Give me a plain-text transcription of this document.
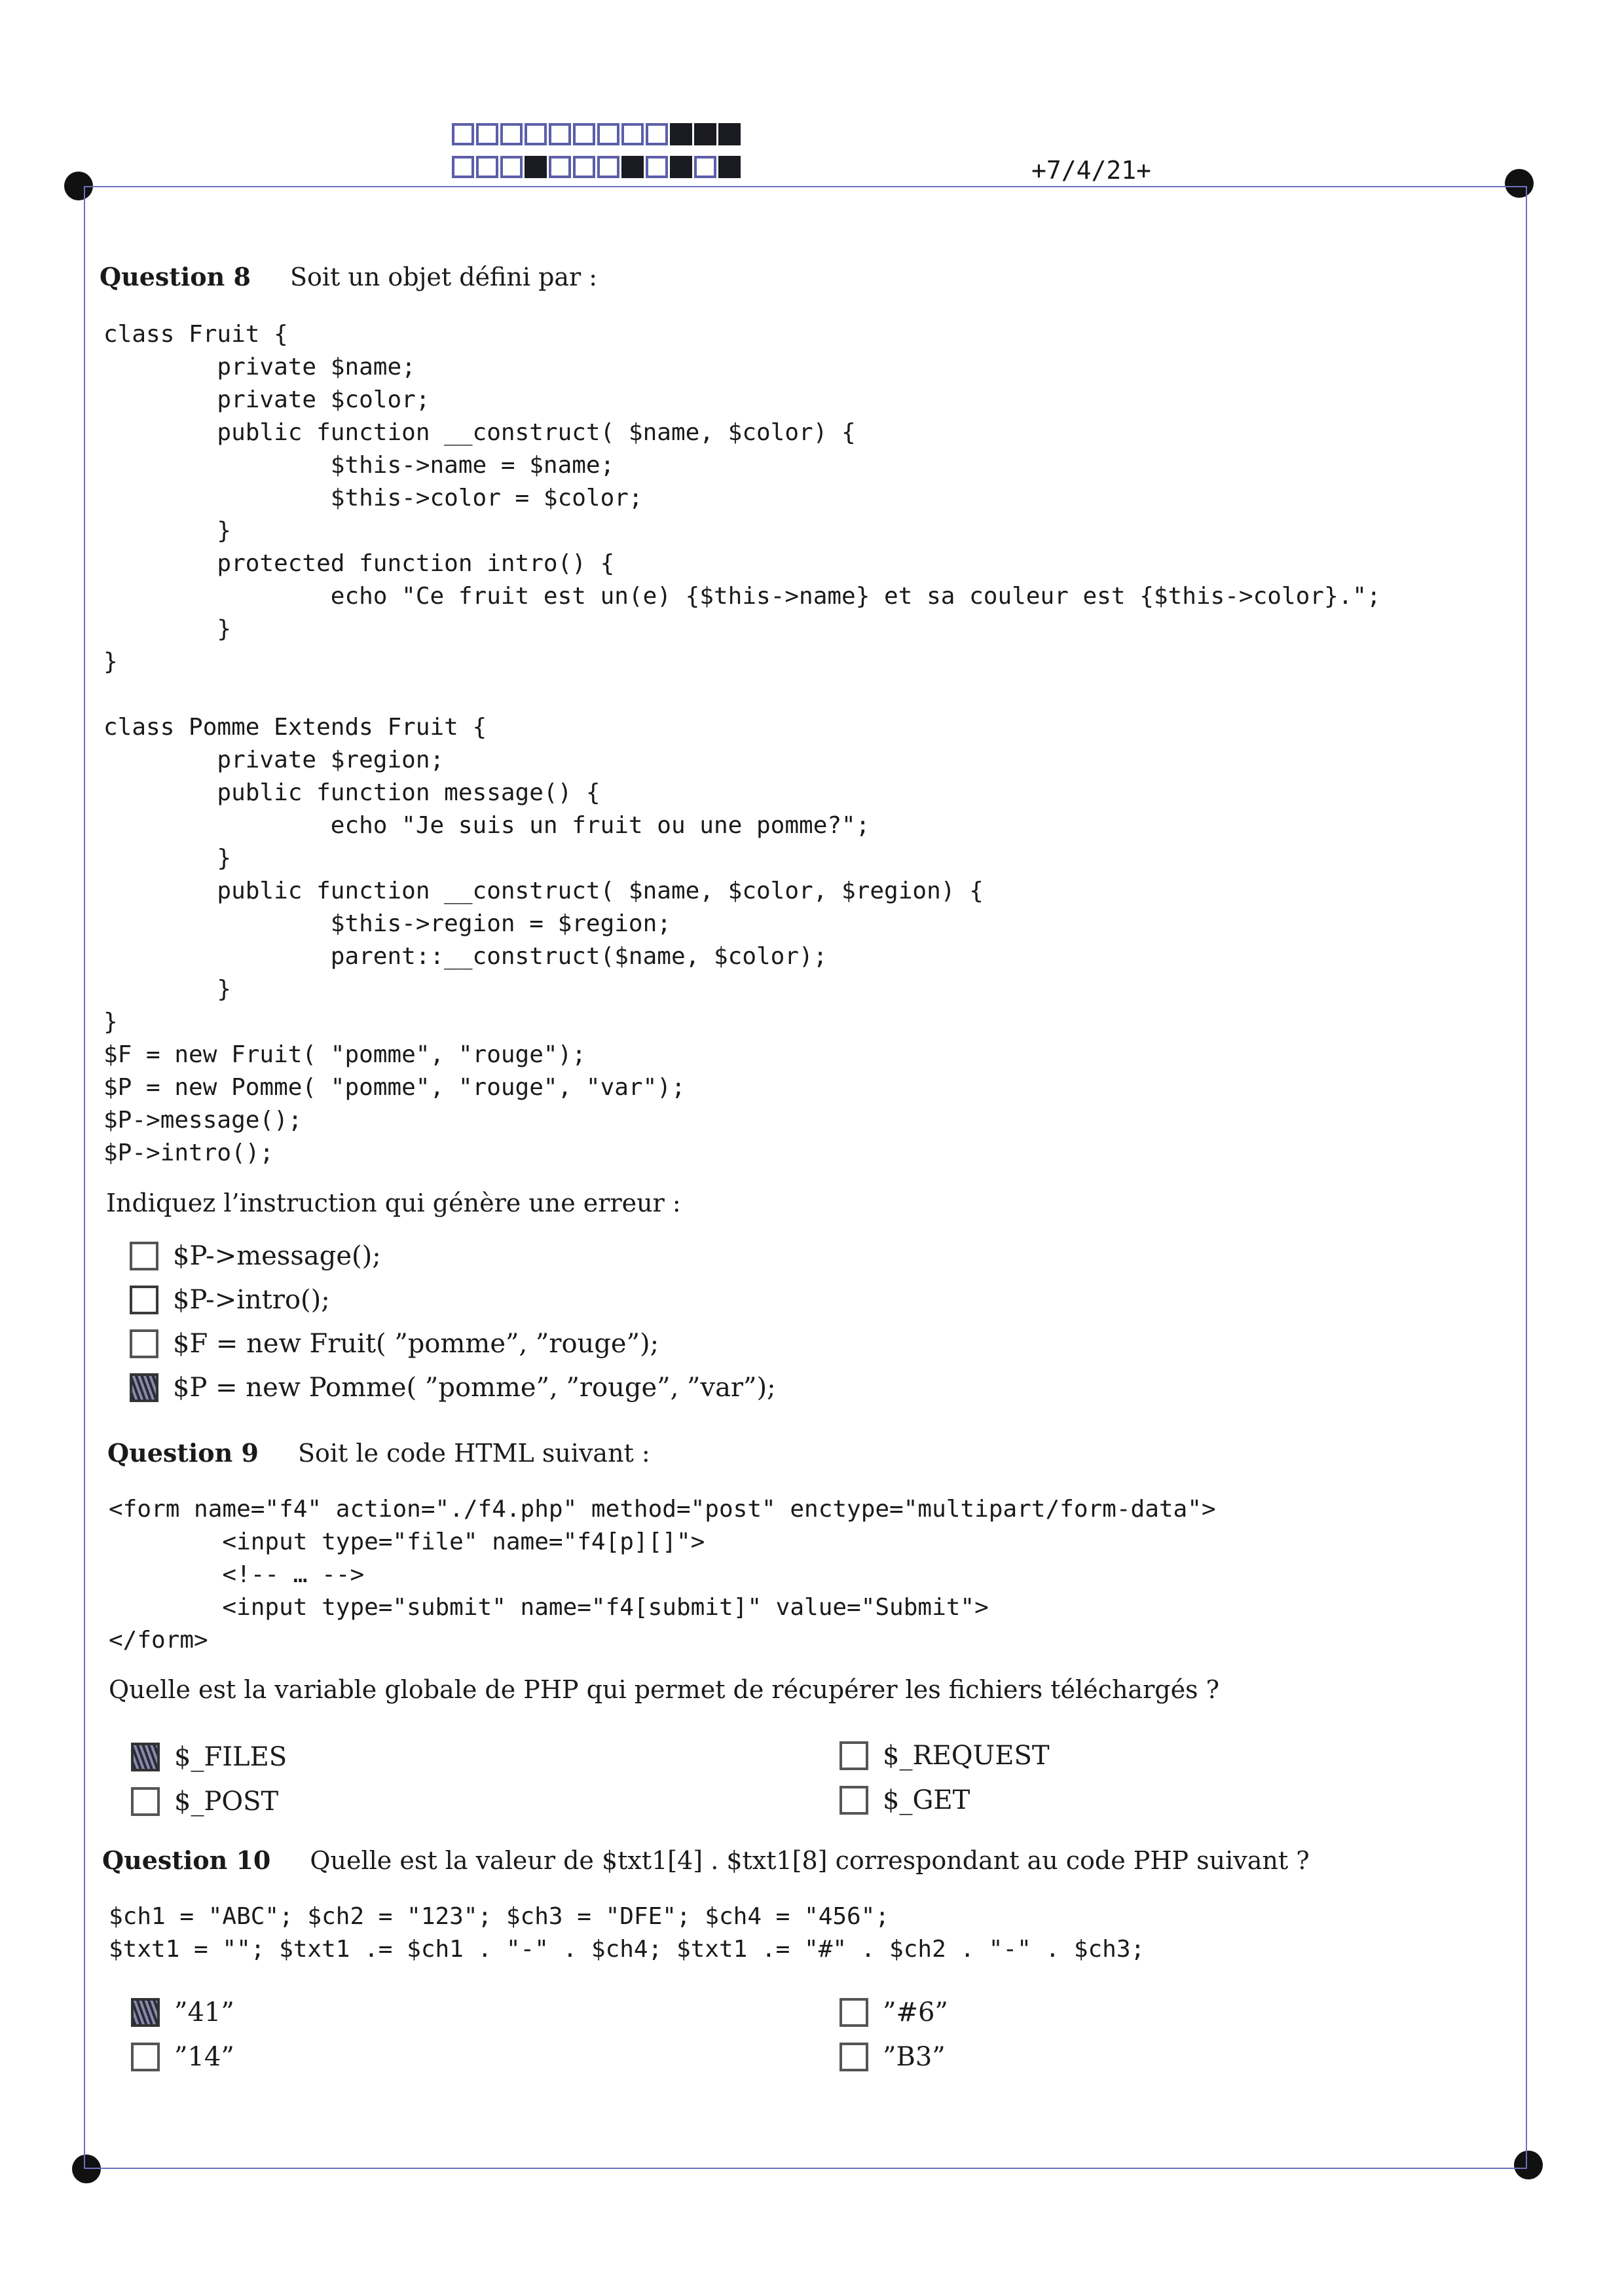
+7/4/21+
Question 8 Soit un objet défini par :
class Fruit {
private $name;
private $color;
public function __construct( $name, $color) {
$this->name = $name;
$this->color = $color;
}
protected function intro() {
echo "Ce fruit est un(e) {$this->name} et sa couleur est {$this->color}.";
}
}

class Pomme Extends Fruit {
private $region;
public function message() {
echo "Je suis un fruit ou une pomme?";
}
public function __construct( $name, $color, $region) {
$this->region = $region;
parent::__construct($name, $color);
}
}
$F = new Fruit( "pomme", "rouge");
$P = new Pomme( "pomme", "rouge", "var");
$P->message();
$P->intro();
Indiquez l’instruction qui génère une erreur :
$P->message();
$P->intro();
$F = new Fruit( ”pomme”, ”rouge”);
$P = new Pomme( ”pomme”, ”rouge”, ”var”);
Question 9 Soit le code HTML suivant :
<form name="f4" action="./f4.php" method="post" enctype="multipart/form-data">
<input type="file" name="f4[p][]">
<!-- … -->
<input type="submit" name="f4[submit]" value="Submit">
</form>
Quelle est la variable globale de PHP qui permet de récupérer les fichiers téléchargés ?
$_FILES
$_POST
$_REQUEST
$_GET
Question 10 Quelle est la valeur de $txt1[4] . $txt1[8] correspondant au code PHP suivant ?
$ch1 = "ABC"; $ch2 = "123"; $ch3 = "DFE"; $ch4 = "456";
$txt1 = ""; $txt1 .= $ch1 . "-" . $ch4; $txt1 .= "#" . $ch2 . "-" . $ch3;
”41”
”14”
”#6”
”B3”
